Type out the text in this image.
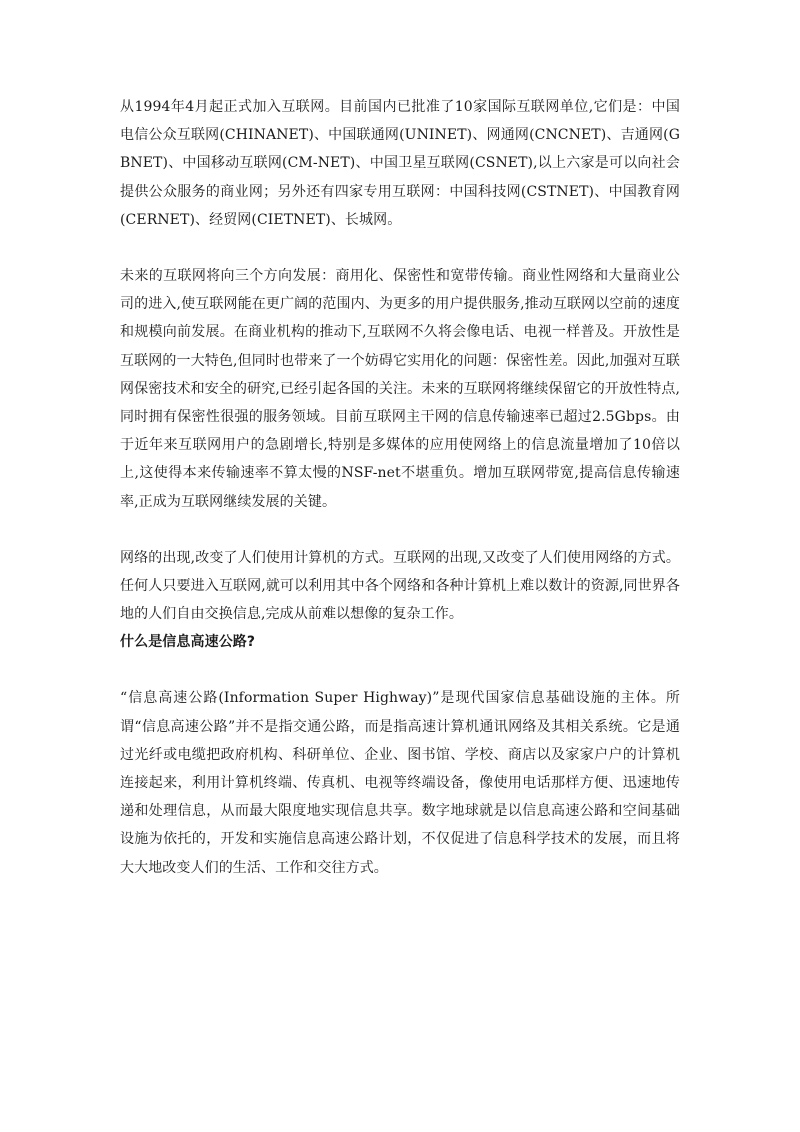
从1994年4月起正式加入互联网。目前国内已批准了10家国际互联网单位,它们是：中国电信公众互联网(CHINANET)、中国联通网(UNINET)、网通网(CNCNET)、吉通网(GBNET)、中国移动互联网(CM-NET)、中国卫星互联网(CSNET),以上六家是可以向社会提供公众服务的商业网；另外还有四家专用互联网：中国科技网(CSTNET)、中国教育网(CERNET)、经贸网(CIETNET)、长城网。

未来的互联网将向三个方向发展：商用化、保密性和宽带传输。商业性网络和大量商业公司的进入,使互联网能在更广阔的范围内、为更多的用户提供服务,推动互联网以空前的速度和规模向前发展。在商业机构的推动下,互联网不久将会像电话、电视一样普及。开放性是互联网的一大特色,但同时也带来了一个妨碍它实用化的问题：保密性差。因此,加强对互联网保密技术和安全的研究,已经引起各国的关注。未来的互联网将继续保留它的开放性特点,同时拥有保密性很强的服务领域。目前互联网主干网的信息传输速率已超过2.5Gbps。由于近年来互联网用户的急剧增长,特别是多媒体的应用使网络上的信息流量增加了10倍以上,这使得本来传输速率不算太慢的NSF-net不堪重负。增加互联网带宽,提高信息传输速率,正成为互联网继续发展的关键。

网络的出现,改变了人们使用计算机的方式。互联网的出现,又改变了人们使用网络的方式。任何人只要进入互联网,就可以利用其中各个网络和各种计算机上难以数计的资源,同世界各地的人们自由交换信息,完成从前难以想像的复杂工作。

什么是信息高速公路?

“信息高速公路(Information Super Highway)”是现代国家信息基础设施的主体。所谓“信息高速公路”并不是指交通公路，而是指高速计算机通讯网络及其相关系统。它是通过光纤或电缆把政府机构、科研单位、企业、图书馆、学校、商店以及家家户户的计算机连接起来，利用计算机终端、传真机、电视等终端设备，像使用电话那样方便、迅速地传递和处理信息，从而最大限度地实现信息共享。数字地球就是以信息高速公路和空间基础设施为依托的，开发和实施信息高速公路计划，不仅促进了信息科学技术的发展，而且将大大地改变人们的生活、工作和交往方式。
